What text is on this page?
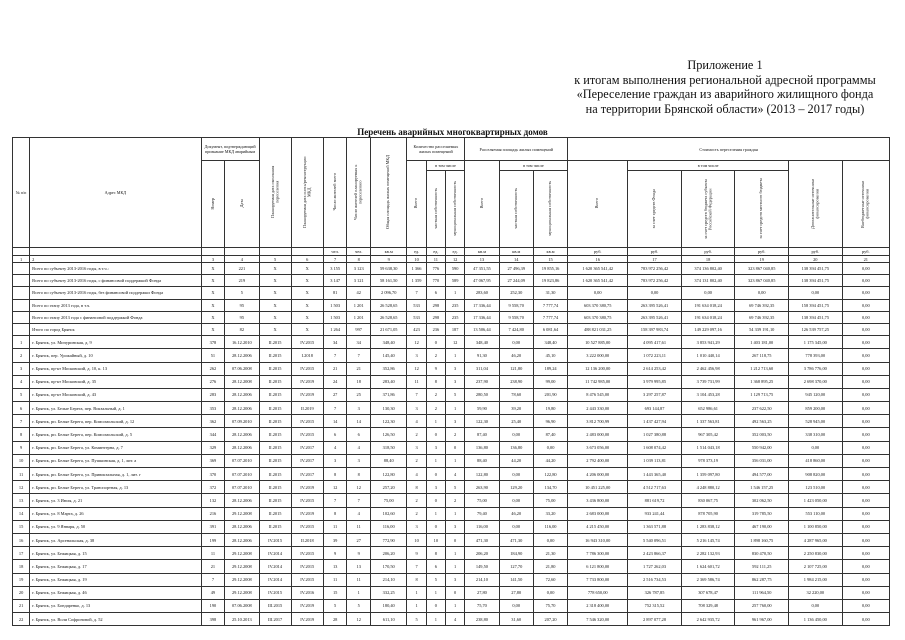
Приложение 1
к итогам выполнения региональной адресной программы
«Переселение граждан из аварийного жилищного фонда
на территории Брянской области» (2013 – 2017 годы)
Перечень аварийных многоквартирных домов
№ п/п	Адрес МКД	Документ, подтверждающий признание МКД аварийным		Планируемая дата окончания переселения	Планируемая дата сноса/реконструкции МКД	Число жителей всего	Число жителей планируемых к переселению	Общая площадь жилых помещений МКД	Количество расселяемых жилых помещений			Расселяемая площадь жилых помещений			Стоимость переселения граждан					
		Номер	Дата						Всего	в том числе		Всего	в том числе		Всего	в том числе			Дополнительные источники финансирования	Внебюджетные источники финансирования
										частная собственность	муниципальная собственность		частная собственность	муниципальная собственность		за счет средств Фонда	за счет средств бюджета субъекта Российской Федерации	за счет средств местного бюджета		
						чел.	чел.	кв.м	ед.	ед.	ед.	кв.м	кв.м	кв.м	руб.	руб.	руб.	руб.	руб.	руб.
1	2	3	4	5	6	7	8	9	10	11	12	13	14	15	16	17	18	19	20	21
	Всего по субъекту 2013-2016 годы, в т.ч.:	X	221	X	X	3 155	3 123	59 638,30	1 366	776	590	47 351,55	27 496,39	19 855,16	1 620 365 541,42	783 972 256,42	374 136 802,40	323 867 040,85	138 394 451,75	0,00
	Всего по субъекту 2013-2016 годы, с финансовой поддержкой Фонда	X	219	X	X	3 147	3 121	58 161,50	1 359	770	589	47 067,95	27 244,09	19 823,86	1 620 365 541,42	783 972 256,42	374 131 802,40	323 867 040,85	138 394 451,75	0,00
	Всего по субъекту 2013-2016 годы, без финансовой поддержки Фонда	X	5	X	X	81	42	2 096,70	7	6	1	283,60	252,30	31,30	0,00	0,00	0,00	0,00	0,00	0,00
	Всего по этапу 2013 года, в т.ч.	X	95	X	X	1 503	1 201	26 528,65	533	298	235	17 336,44	9 558,70	7 777,74	603 370 380,75	263 395 526,41	191 634 018,24	69 746 392,35	158 394 451,75	0,00
	Всего по этапу 2013 года с финансовой поддержкой Фонда	X	95	X	X	1 503	1 201	26 528,65	533	298	235	17 336,44	9 558,70	7 777,74	603 370 380,75	263 395 526,41	191 634 018,24	69 746 392,35	138 394 451,75	0,00
	Итого по город Брянск	X	82	X	X	1 264	997	21 671,05	423	236	187	13 506,44	7 424,80	6 081,64	488 821 031,25	158 397 983,74	149 229 097,16	54 339 191,10	126 539 757,25	0,00
1	г. Брянск, ул. Мичуринская, д. 9	378	16.12.2010	II.2015	IV.2015	34	34	348,40	12	0	12	348,40	0,00	348,40	10 527 885,00	4 095 417,61	3 853 941,29	1 403 181,00	1 175 345,00	0,00
2	г. Брянск, пер. Урожайный, д. 10	51	28.12.2006	II.2015	I.2018	7	7	145,40	3	2	1	91,30	46,20	45,10	3 222 000,00	1 072 223,11	1 010 440,14	267 118,75	778 393,00	0,00
3	г. Брянск, пр-кт Московский, д. 10, к. 13	262	07.06.2008	II.2015	IV.2015	21	21	352,86	12	9	3	311,04	121,80	189,24	12 136 200,00	2 614 253,42	2 462 456,98	1 212 713,60	3 786 776,00	0,00
4	г. Брянск, пр-кт Московский, д. 35	276	28.12.2008	II.2015	IV.2019	24	18	283,40	11	8	3	237,90	238,90	99,00	11 742 985,00	3 979 995,85	3 739 731,99	1 368 895,25	2 698 370,00	0,00
5	г. Брянск, пр-кт Московский, д. 43	283	28.12.2006	II.2015	IV.2019	27	25	371,86	7	2	5	280,50	78,60	201,90	8 476 545,00	3 297 257,87	3 104 453,28	1 129 713,75	945 120,00	0,00
6	г. Брянск, ул. Белые Берега, пер. Вокзальный, д. 1	353	28.12.2006	II.2015	II.2019	7	3	130,30	3	2	1	59,90	39,20	19,80	2 443 330,00	693 144,87	652 986,61	237 622,50	859 200,00	0,00
7	г. Брянск, рп. Белые Берега, пер. Комсомольский, д. 12	362	07.09.2010	II.2015	IV.2015	14	14	122,30	4	1	3	122,30	25,40	96,90	3 812 700,99	1 437 427,94	1 337 563,81	492 563,25	528 945,00	0,00
8	г. Брянск, рп. Белые Берега, пер. Комсомольский, д. 5	344	28.12.2006	II.2015	IV.2015	6	6	126,50	2	0	2	87,40	0,00	87,40	2 483 000,00	1 027 380,88	967 305,42	352 003,50	338 310,00	0,00
9	г. Брянск, рп. Белые Берега, ул. Коминтерна, д. 7	329	28.12.2006	II.2015	IV.2017	4	4	318,50	3	3	0	136,80	136,80	0,00	3 673 056,00	1 608 074,42	1 514 043,18	550 942,00	0,00	0,00
10	г. Брянск, рп. Белые Берега, ул. Пушкинская, д. 1, лит. а	369	07.07.2010	II.2015	IV.2017	3	3	88,40	2	1	1	88,40	44,20	44,20	2 792 400,00	1 039 113,81	978 373,19	356 031,00	418 860,00	0,00
11	г. Брянск, рп. Белые Берега, ул. Привокзальная, д. 1, лит. г	370	07.07.2010	II.2015	IV.2017	8	8	122,80	4	0	4	122,80	0,00	122,80	4 206 000,00	1 443 365,40	1 359 097,80	494 577,00	908 820,00	0,00
12	г. Брянск, рп. Белые Берега, ул. Транспортная, д. 13	372	07.07.2010	II.2015	IV.2019	12	12	257,20	8	3	5	263,90	129,20	134,70	10 451 225,00	4 512 717,63	4 248 880,12	1 546 157,25	123 510,00	0,00
13	г. Брянск, ул. 3 Июля, д. 21	132	28.12.2006	II.2015	IV.2015	7	7	75,00	2	0	2	75,00	0,00	75,00	3 436 800,00	881 619,72	830 067,75	302 062,50	1 423 050,00	0,00
14	г. Брянск, ул. 8 Марта, д. 26	216	29.12.2008	II.2015	IV.2019	8	4	102,60	2	1	1	79,40	46,20	33,20	2 683 000,00	933 241,44	878 705,90	319 785,50	553 110,00	0,00
15	г. Брянск, ул. 9 Января, д. 50	391	28.12.2006	II.2015	IV.2015	11	11	116,00	3	0	3	116,00	0,00	116,00	4 215 450,00	1 363 571,88	1 283 838,12	467 190,00	1 100 850,00	0,00
16	г. Брянск, ул. Арсенальская, д. 38	199	28.12.2006	IV.2015	II.2018	39	27	772,90	10	10	0	471,30	471,30	0,00	16 943 310,00	5 540 096,51	5 216 145,74	1 898 160,75	4 287 965,00	0,00
17	г. Брянск, ул. Бежицкая, д. 15	11	29.12.2008	IV.2014	IV.2015	9	9	206,20	9	8	1	206,20	184,90	21,30	7 786 300,00	2 423 866,37	2 282 132,93	830 470,50	2 250 830,00	0,00
18	г. Брянск, ул. Бежицкая, д. 17	21	29.12.2008	IV.2014	IV.2015	13	13	170,50	7	6	1	149,50	127,70	21,80	6 121 800,00	1 727 262,03	1 624 601,72	592 111,25	2 107 725,00	0,00
19	г. Брянск, ул. Бежицкая, д. 19	7	29.12.2008	IV.2014	IV.2015	11	11	214,10	8	5	3	214,10	141,50	72,60	7 733 800,00	2 516 734,53	2 369 586,74	862 287,75	1 984 215,00	0,00
20	г. Брянск, ул. Бежицкая, д. 46	49	29.12.2008	IV.2015	IV.2016	15	1	332,25	1	1	0	27,80	27,80	0,00	778 650,00	326 787,85	307 678,47	111 964,50	32 220,00	0,00
21	г. Брянск, ул. Бондаренко, д. 13	190	07.06.2008	III.2015	IV.2019	5	5	180,40	1	0	1	75,70	0,00	75,70	2 318 400,00	752 315,52	708 329,48	257 760,00	0,00	0,00
22	г. Брянск, ул. Воли Софроновой, д. 52	398	25.10.2013	III.2017	IV.2019	28	12	611,10	5	1	4	238,80	31,60	207,20	7 546 320,00	2 897 077,28	2 642 935,72	961 967,00	1 136 450,00	0,00
